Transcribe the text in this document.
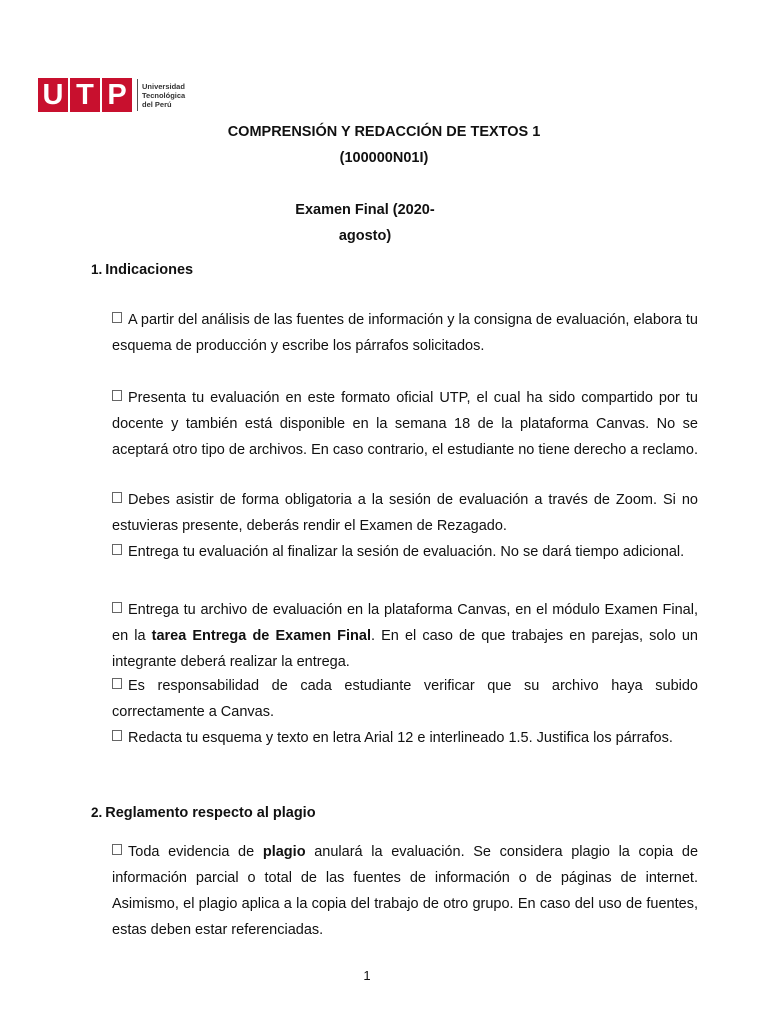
U T P	Universidad
Tecnológica
del Perú
COMPRENSIÓN Y REDACCIÓN DE TEXTOS 1
(100000N01I)
Examen Final (2020-
agosto)
1. Indicaciones
A partir del análisis de las fuentes de información y la consigna de evaluación, elabora tu esquema de producción y escribe los párrafos solicitados.
Presenta tu evaluación en este formato oficial UTP, el cual ha sido compartido por tu docente y también está disponible en la semana 18 de la plataforma Canvas. No se aceptará otro tipo de archivos. En caso contrario, el estudiante no tiene derecho a reclamo.
Debes asistir de forma obligatoria a la sesión de evaluación a través de Zoom. Si no estuvieras presente, deberás rendir el Examen de Rezagado.
Entrega tu evaluación al finalizar la sesión de evaluación. No se dará tiempo adicional.
Entrega tu archivo de evaluación en la plataforma Canvas, en el módulo Examen Final, en la tarea Entrega de Examen Final. En el caso de que trabajes en parejas, solo un integrante deberá realizar la entrega.
Es responsabilidad de cada estudiante verificar que su archivo haya subido correctamente a Canvas.
Redacta tu esquema y texto en letra Arial 12 e interlineado 1.5. Justifica los párrafos.
2. Reglamento respecto al plagio
Toda evidencia de plagio anulará la evaluación. Se considera plagio la copia de información parcial o total de las fuentes de información o de páginas de internet. Asimismo, el plagio aplica a la copia del trabajo de otro grupo. En caso del uso de fuentes, estas deben estar referenciadas.
1
